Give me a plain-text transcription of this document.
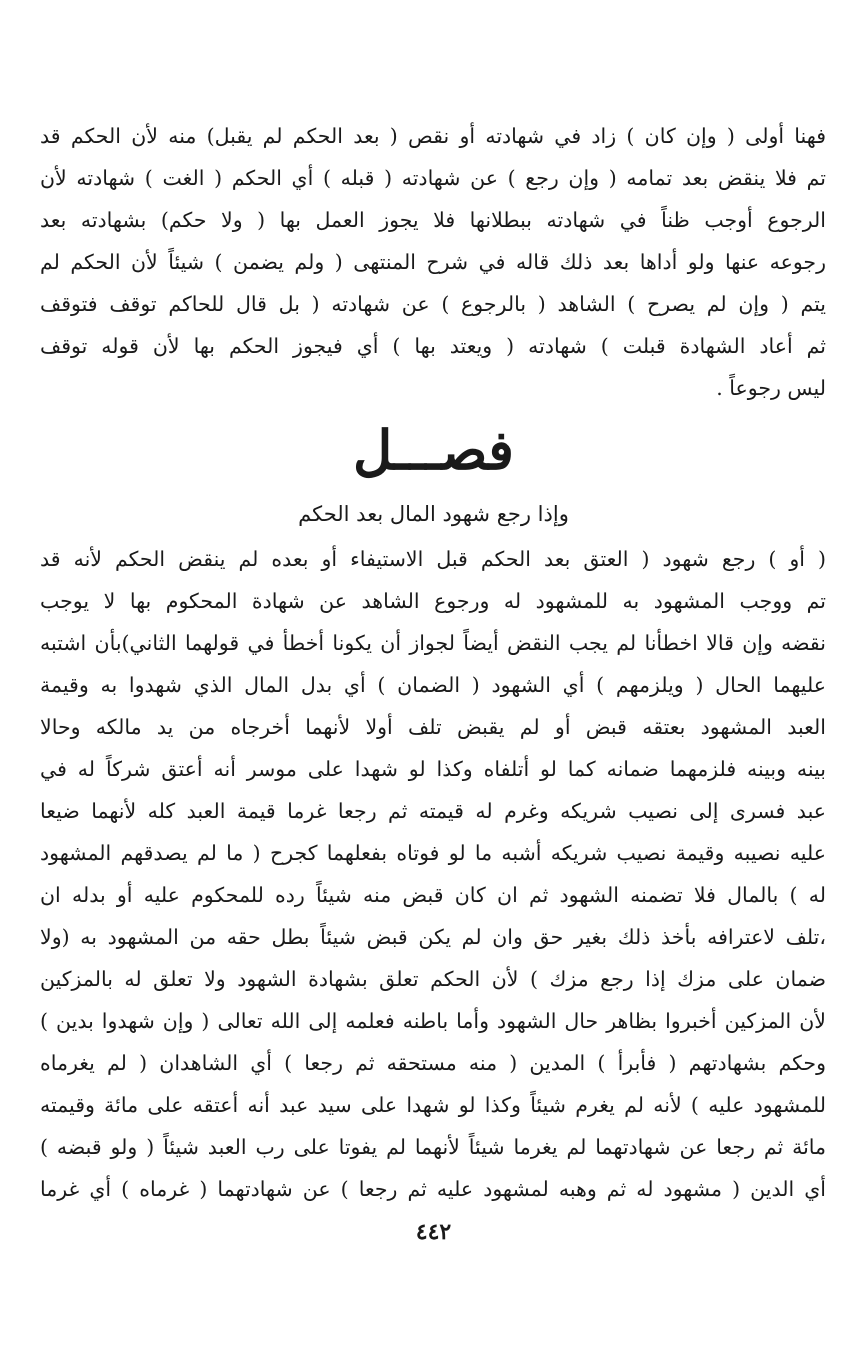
فهنا أولى ( وإن كان ) زاد في شهادته أو نقص ( بعد الحكم لم يقبل) منه لأن الحكم قد
تم فلا ينقض بعد تمامه ( وإن رجع ) عن شهادته ( قبله ) أي الحكم ( الغت ) شهادته لأن
الرجوع أوجب ظناً في شهادته ببطلانها فلا يجوز العمل بها ( ولا حكم) بشهادته بعد
رجوعه عنها ولو أداها بعد ذلك قاله في شرح المنتهى ( ولم يضمن ) شيئاً لأن الحكم لم
يتم ( وإن لم يصرح ) الشاهد ( بالرجوع ) عن شهادته ( بل قال للحاكم توقف فتوقف
ثم أعاد الشهادة قبلت ) شهادته ( ويعتد بها ) أي فيجوز الحكم بها لأن قوله توقف
ليس رجوعاً .
فصـــل
وإذا رجع شهود المال بعد الحكم
( أو ) رجع شهود ( العتق بعد الحكم قبل الاستيفاء أو بعده لم ينقض الحكم لأنه قد
تم ووجب المشهود به للمشهود له ورجوع الشاهد عن شهادة المحكوم بها لا يوجب
نقضه وإن قالا اخطأنا لم يجب النقض أيضاً لجواز أن يكونا أخطأ في قولهما الثاني)بأن اشتبه
عليهما الحال ( ويلزمهم ) أي الشهود ( الضمان ) أي بدل المال الذي شهدوا به وقيمة
العبد المشهود بعتقه قبض أو لم يقبض تلف أولا لأنهما أخرجاه من يد مالكه وحالا
بينه وبينه فلزمهما ضمانه كما لو أتلفاه وكذا لو شهدا على موسر أنه أعتق شركاً له في
عبد فسرى إلى نصيب شريكه وغرم له قيمته ثم رجعا غرما قيمة العبد كله لأنهما ضيعا
عليه نصيبه وقيمة نصيب شريكه أشبه ما لو فوتاه بفعلهما كجرح ( ما لم يصدقهم المشهود
له ) بالمال فلا تضمنه الشهود ثم ان كان قبض منه شيئاً رده للمحكوم عليه أو بدله ان
،تلف لاعترافه بأخذ ذلك بغير حق وان لم يكن قبض شيئاً بطل حقه من المشهود به (ولا
ضمان على مزك إذا رجع مزك ) لأن الحكم تعلق بشهادة الشهود ولا تعلق له بالمزكين
لأن المزكين أخبروا بظاهر حال الشهود وأما باطنه فعلمه إلى الله تعالى ( وإن شهدوا بدين )
وحكم بشهادتهم ( فأبرأ ) المدين ( منه مستحقه ثم رجعا ) أي الشاهدان ( لم يغرماه
للمشهود عليه ) لأنه لم يغرم شيئاً وكذا لو شهدا على سيد عبد أنه أعتقه على مائة وقيمته
مائة ثم رجعا عن شهادتهما لم يغرما شيئاً لأنهما لم يفوتا على رب العبد شيئاً ( ولو قبضه )
أي الدين ( مشهود له ثم وهبه لمشهود عليه ثم رجعا ) عن شهادتهما ( غرماه ) أي غرما
٤٤٢
